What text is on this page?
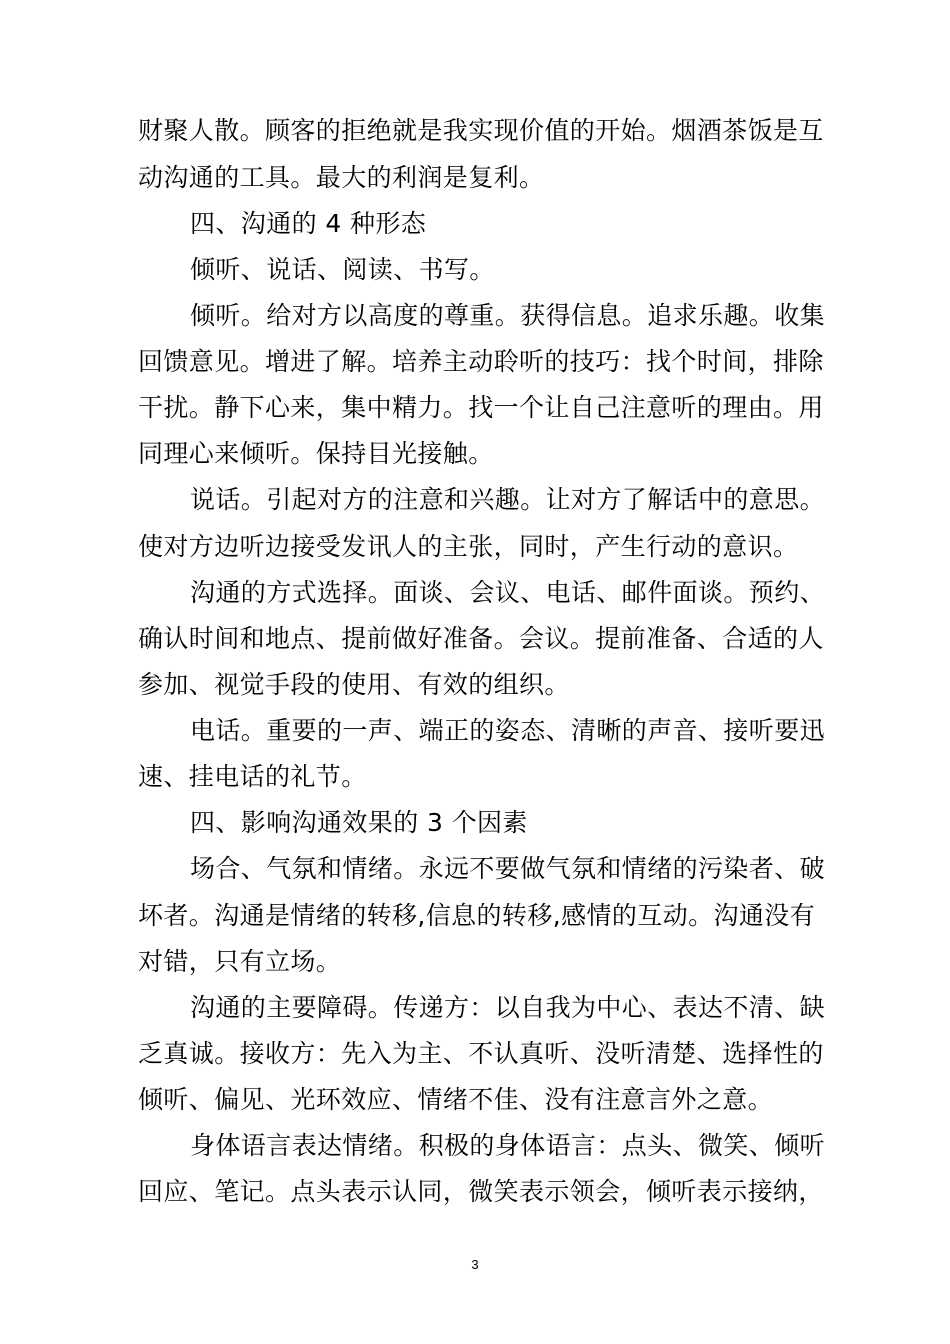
财聚人散。顾客的拒绝就是我实现价值的开始。烟酒茶饭是互
动沟通的工具。最大的利润是复利。
四、沟通的 4 种形态
倾听、说话、阅读、书写。
倾听。给对方以高度的尊重。获得信息。追求乐趣。收集
回馈意见。增进了解。培养主动聆听的技巧：找个时间，排除
干扰。静下心来，集中精力。找一个让自己注意听的理由。用
同理心来倾听。保持目光接触。
说话。引起对方的注意和兴趣。让对方了解话中的意思。
使对方边听边接受发讯人的主张，同时，产生行动的意识。
沟通的方式选择。面谈、会议、电话、邮件面谈。预约、
确认时间和地点、提前做好准备。会议。提前准备、合适的人
参加、视觉手段的使用、有效的组织。
电话。重要的一声、端正的姿态、清晰的声音、接听要迅
速、挂电话的礼节。
四、影响沟通效果的 3 个因素
场合、气氛和情绪。永远不要做气氛和情绪的污染者、破
坏者。沟通是情绪的转移,信息的转移,感情的互动。沟通没有
对错，只有立场。
沟通的主要障碍。传递方：以自我为中心、表达不清、缺
乏真诚。接收方：先入为主、不认真听、没听清楚、选择性的
倾听、偏见、光环效应、情绪不佳、没有注意言外之意。
身体语言表达情绪。积极的身体语言：点头、微笑、倾听
回应、笔记。点头表示认同，微笑表示领会，倾听表示接纳，
3
